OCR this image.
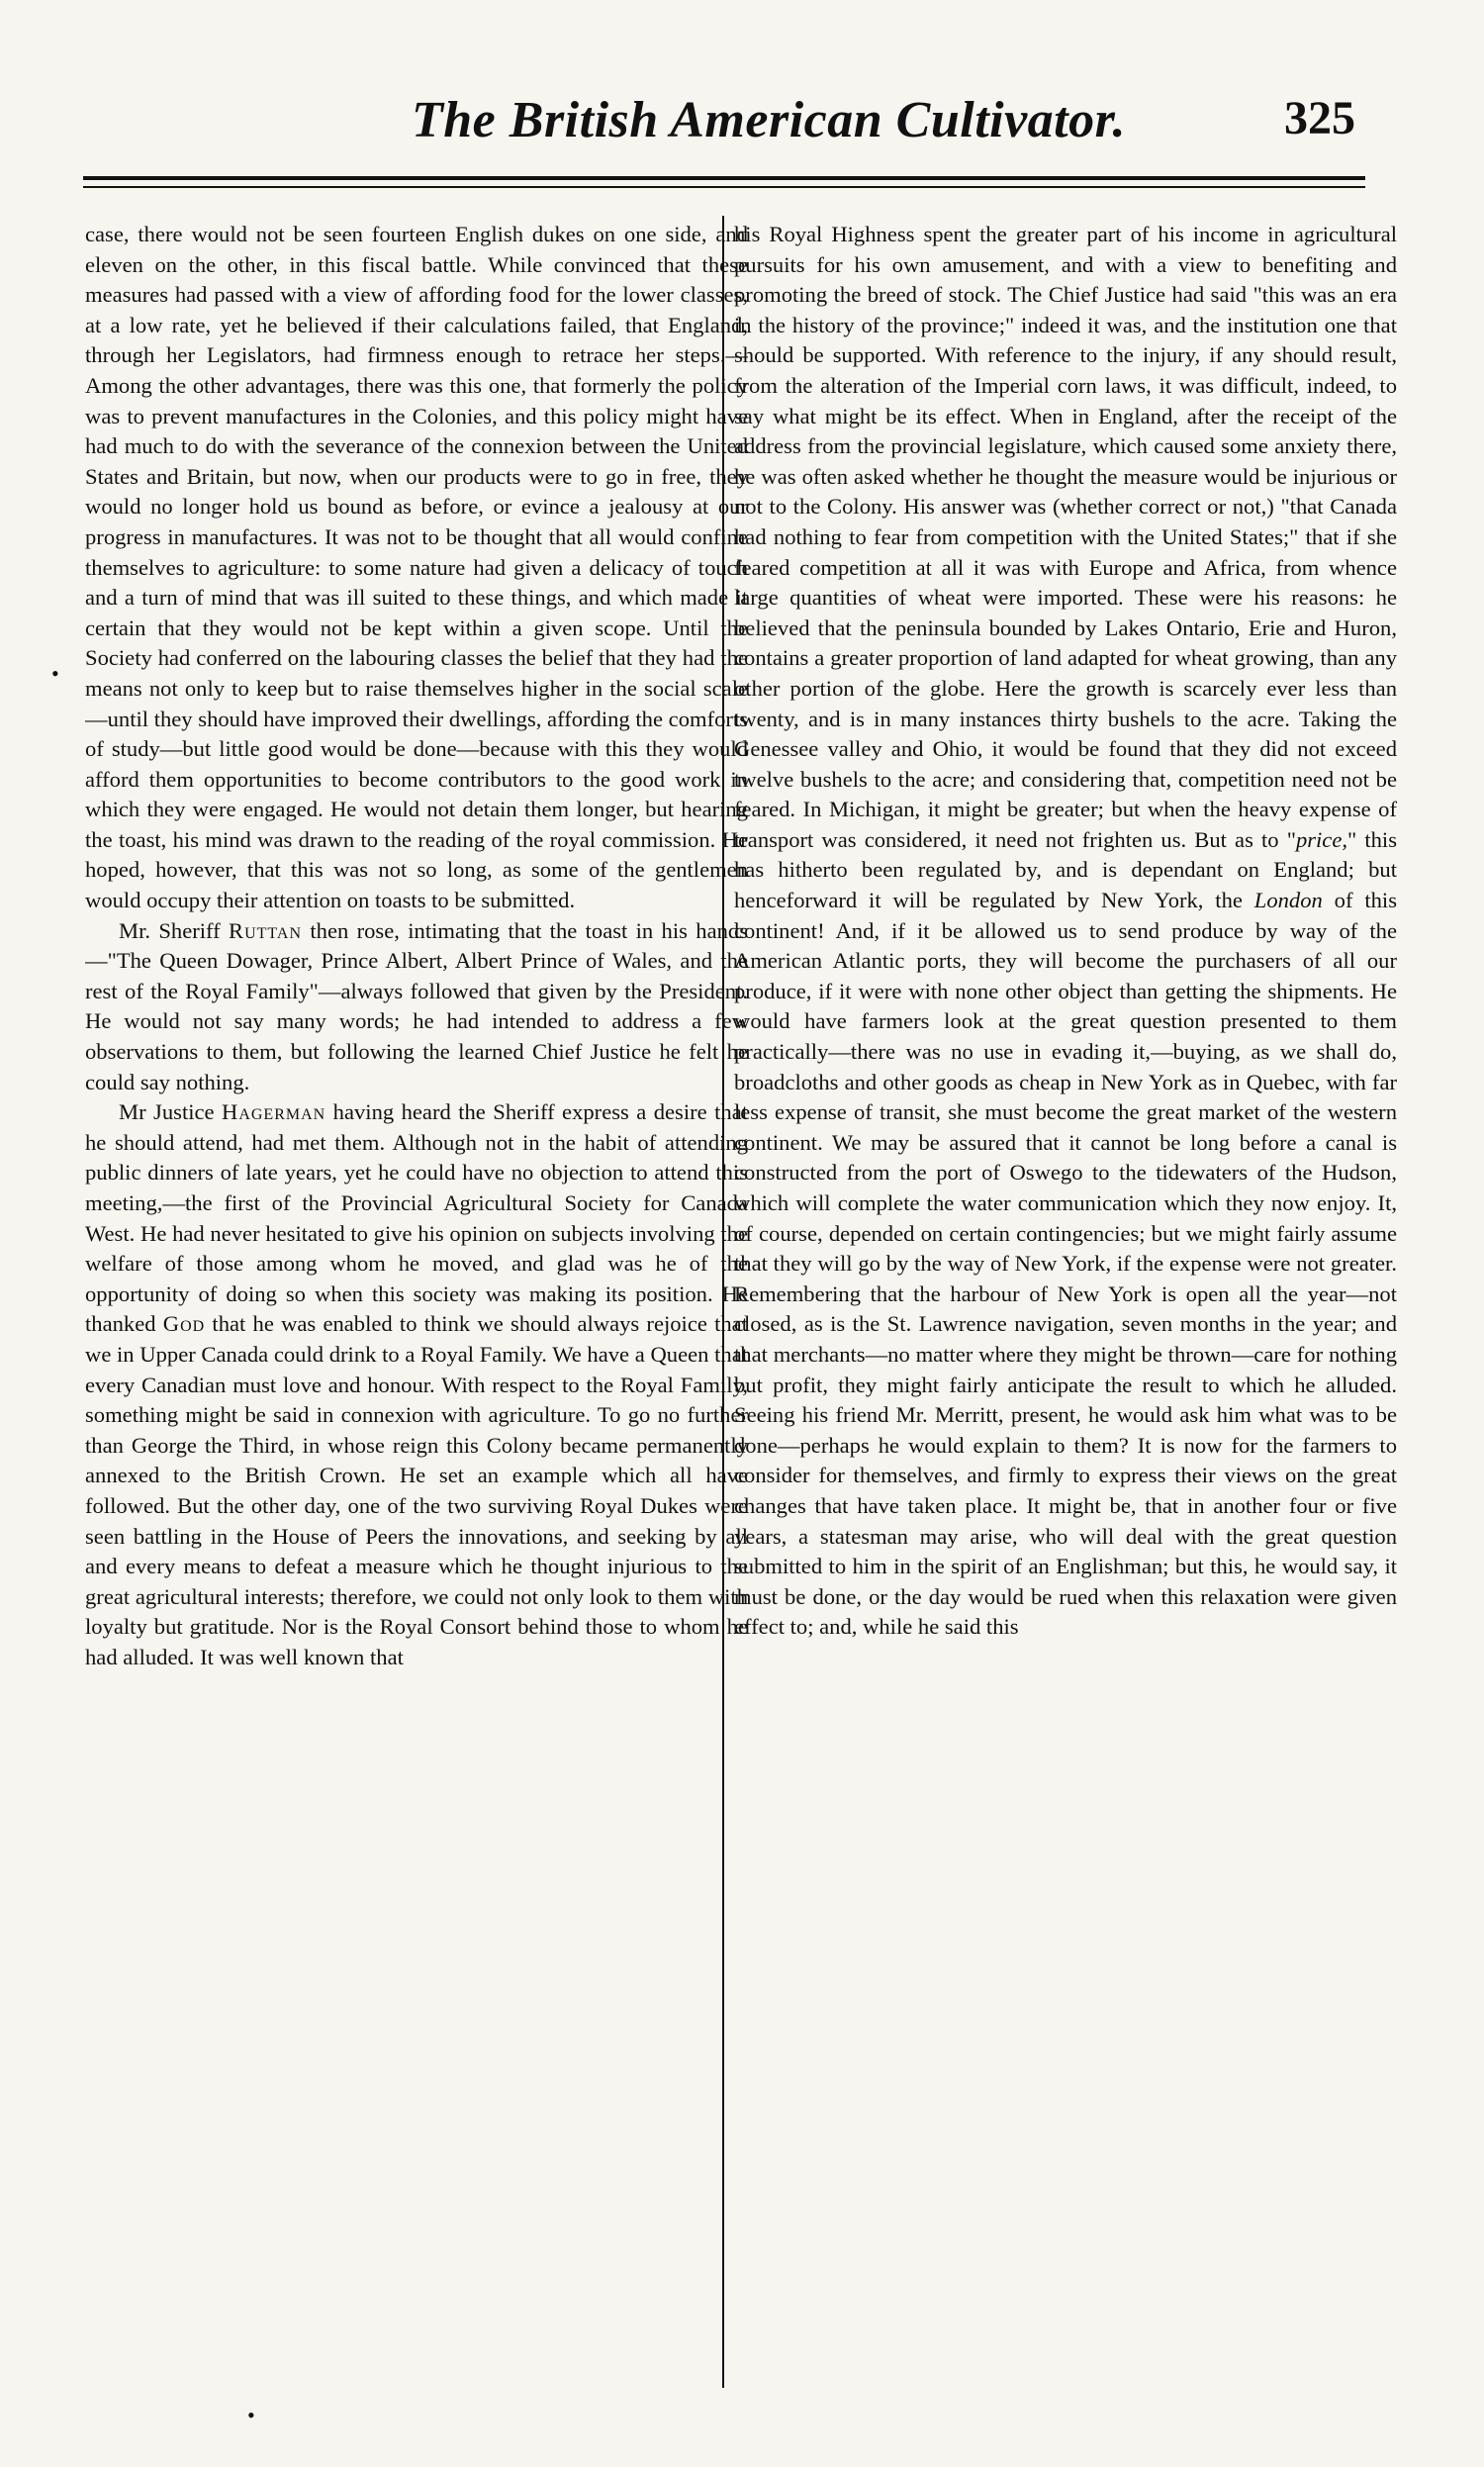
The British American Cultivator.	325

case, there would not be seen fourteen English dukes on one side, and eleven on the other, in this fiscal battle. While convinced that these measures had passed with a view of affording food for the lower classes, at a low rate, yet he believed if their calculations failed, that England, through her Legislators, had firmness enough to retrace her steps.—Among the other advantages, there was this one, that formerly the policy was to prevent manufactures in the Colonies, and this policy might have had much to do with the severance of the connexion between the United States and Britain, but now, when our products were to go in free, they would no longer hold us bound as before, or evince a jealousy at our progress in manufactures. It was not to be thought that all would confine themselves to agriculture: to some nature had given a delicacy of touch and a turn of mind that was ill suited to these things, and which made it certain that they would not be kept within a given scope. Until the Society had conferred on the labouring classes the belief that they had the means not only to keep but to raise themselves higher in the social scale—until they should have improved their dwellings, affording the comforts of study—but little good would be done—because with this they would afford them opportunities to become contributors to the good work in which they were engaged. He would not detain them longer, but hearing the toast, his mind was drawn to the reading of the royal commission. He hoped, however, that this was not so long, as some of the gentlemen would occupy their attention on toasts to be submitted.

Mr. Sheriff Ruttan then rose, intimating that the toast in his hands—"The Queen Dowager, Prince Albert, Albert Prince of Wales, and the rest of the Royal Family"—always followed that given by the President. He would not say many words; he had intended to address a few observations to them, but following the learned Chief Justice he felt he could say nothing.

Mr Justice Hagerman having heard the Sheriff express a desire that he should attend, had met them. Although not in the habit of attending public dinners of late years, yet he could have no objection to attend this meeting,—the first of the Provincial Agricultural Society for Canada West. He had never hesitated to give his opinion on subjects involving the welfare of those among whom he moved, and glad was he of the opportunity of doing so when this society was making its position. He thanked God that he was enabled to think we should always rejoice that we in Upper Canada could drink to a Royal Family. We have a Queen that every Canadian must love and honour. With respect to the Royal Family, something might be said in connexion with agriculture. To go no further than George the Third, in whose reign this Colony became permanently annexed to the British Crown. He set an example which all have followed. But the other day, one of the two surviving Royal Dukes were seen battling in the House of Peers the innovations, and seeking by all and every means to defeat a measure which he thought injurious to the great agricultural interests; therefore, we could not only look to them with loyalty but gratitude. Nor is the Royal Consort behind those to whom he had alluded. It was well known that

his Royal Highness spent the greater part of his income in agricultural pursuits for his own amusement, and with a view to benefiting and promoting the breed of stock. The Chief Justice had said "this was an era in the history of the province;" indeed it was, and the institution one that should be supported. With reference to the injury, if any should result, from the alteration of the Imperial corn laws, it was difficult, indeed, to say what might be its effect. When in England, after the receipt of the address from the provincial legislature, which caused some anxiety there, he was often asked whether he thought the measure would be injurious or not to the Colony. His answer was (whether correct or not,) "that Canada had nothing to fear from competition with the United States;" that if she feared competition at all it was with Europe and Africa, from whence large quantities of wheat were imported. These were his reasons: he believed that the peninsula bounded by Lakes Ontario, Erie and Huron, contains a greater proportion of land adapted for wheat growing, than any other portion of the globe. Here the growth is scarcely ever less than twenty, and is in many instances thirty bushels to the acre. Taking the Genessee valley and Ohio, it would be found that they did not exceed twelve bushels to the acre; and considering that, competition need not be feared. In Michigan, it might be greater; but when the heavy expense of transport was considered, it need not frighten us. But as to "price," this has hitherto been regulated by, and is dependant on England; but henceforward it will be regulated by New York, the London of this continent! And, if it be allowed us to send produce by way of the American Atlantic ports, they will become the purchasers of all our produce, if it were with none other object than getting the shipments. He would have farmers look at the great question presented to them practically—there was no use in evading it,—buying, as we shall do, broadcloths and other goods as cheap in New York as in Quebec, with far less expense of transit, she must become the great market of the western continent. We may be assured that it cannot be long before a canal is constructed from the port of Oswego to the tidewaters of the Hudson, which will complete the water communication which they now enjoy. It, of course, depended on certain contingencies; but we might fairly assume that they will go by the way of New York, if the expense were not greater. Remembering that the harbour of New York is open all the year—not closed, as is the St. Lawrence navigation, seven months in the year; and that merchants—no matter where they might be thrown—care for nothing but profit, they might fairly anticipate the result to which he alluded. Seeing his friend Mr. Merritt, present, he would ask him what was to be done—perhaps he would explain to them? It is now for the farmers to consider for themselves, and firmly to express their views on the great changes that have taken place. It might be, that in another four or five years, a statesman may arise, who will deal with the great question submitted to him in the spirit of an Englishman; but this, he would say, it must be done, or the day would be rued when this relaxation were given effect to; and, while he said this

•
•
